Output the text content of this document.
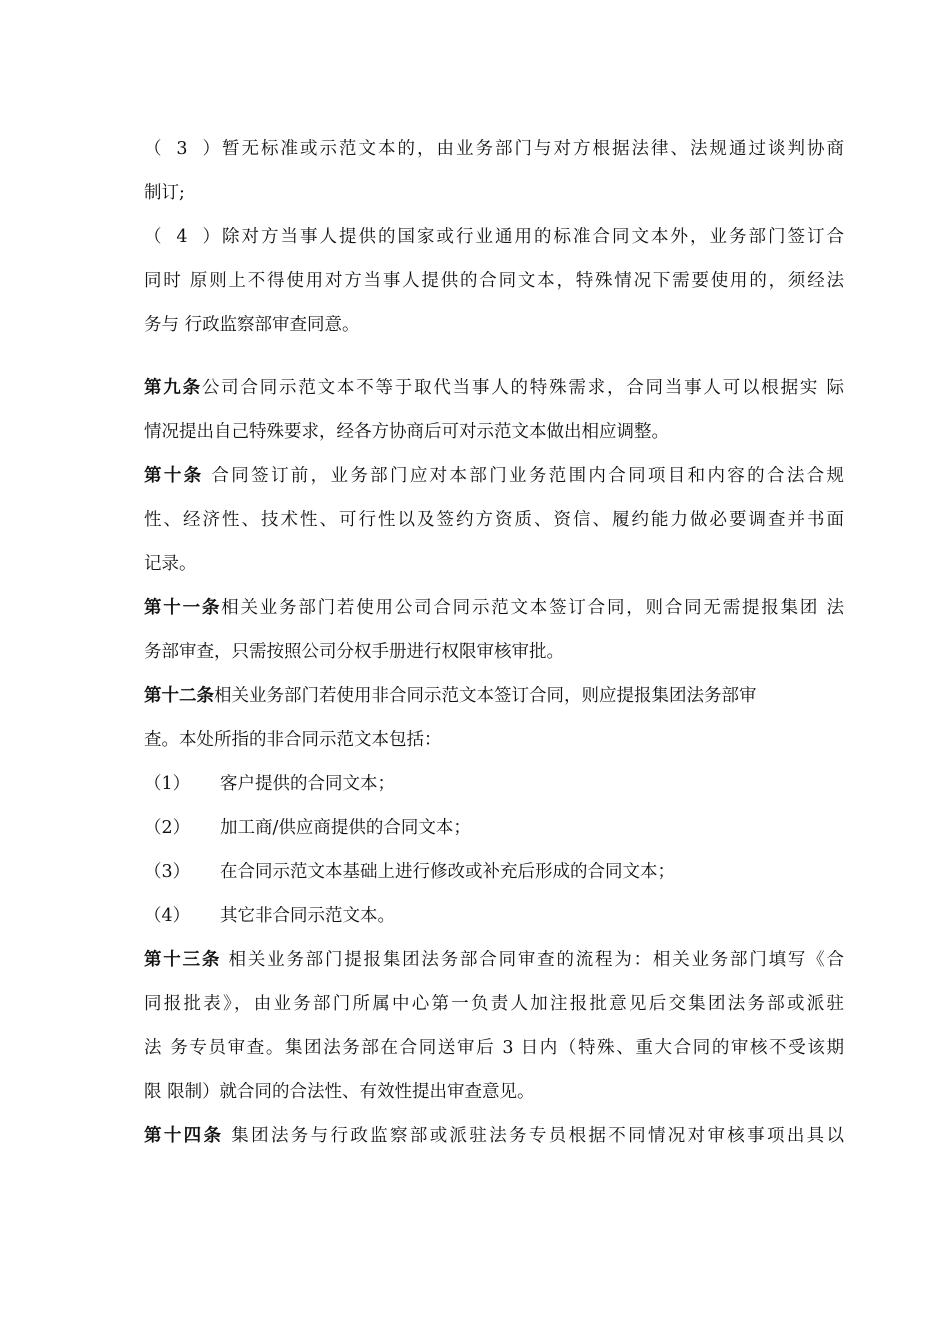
（3）暂无标准或示范文本的，由业务部门与对方根据法律、法规通过谈判协商
制订;
（4）除对方当事人提供的国家或行业通用的标准合同文本外，业务部门签订合
同时 原则上不得使用对方当事人提供的合同文本，特殊情况下需要使用的，须经法
务与 行政监察部审查同意。
第九条公司合同示范文本不等于取代当事人的特殊需求，合同当事人可以根据实 际
情况提出自己特殊要求，经各方协商后可对示范文本做出相应调整。
第十条 合同签订前，业务部门应对本部门业务范围内合同项目和内容的合法合规
性、经济性、技术性、可行性以及签约方资质、资信、履约能力做必要调查并书面
记录。
第十一条相关业务部门若使用公司合同示范文本签订合同，则合同无需提报集团 法
务部审查，只需按照公司分权手册进行权限审核审批。
第十二条相关业务部门若使用非合同示范文本签订合同，则应提报集团法务部审
查。本处所指的非合同示范文本包括：
（1） 客户提供的合同文本；
（2） 加工商/供应商提供的合同文本；
（3） 在合同示范文本基础上进行修改或补充后形成的合同文本；
（4） 其它非合同示范文本。
第十三条 相关业务部门提报集团法务部合同审查的流程为：相关业务部门填写《合
同报批表》，由业务部门所属中心第一负责人加注报批意见后交集团法务部或派驻
法 务专员审查。集团法务部在合同送审后 3 日内（特殊、重大合同的审核不受该期
限 限制）就合同的合法性、有效性提出审查意见。
第十四条 集团法务与行政监察部或派驻法务专员根据不同情况对审核事项出具以
